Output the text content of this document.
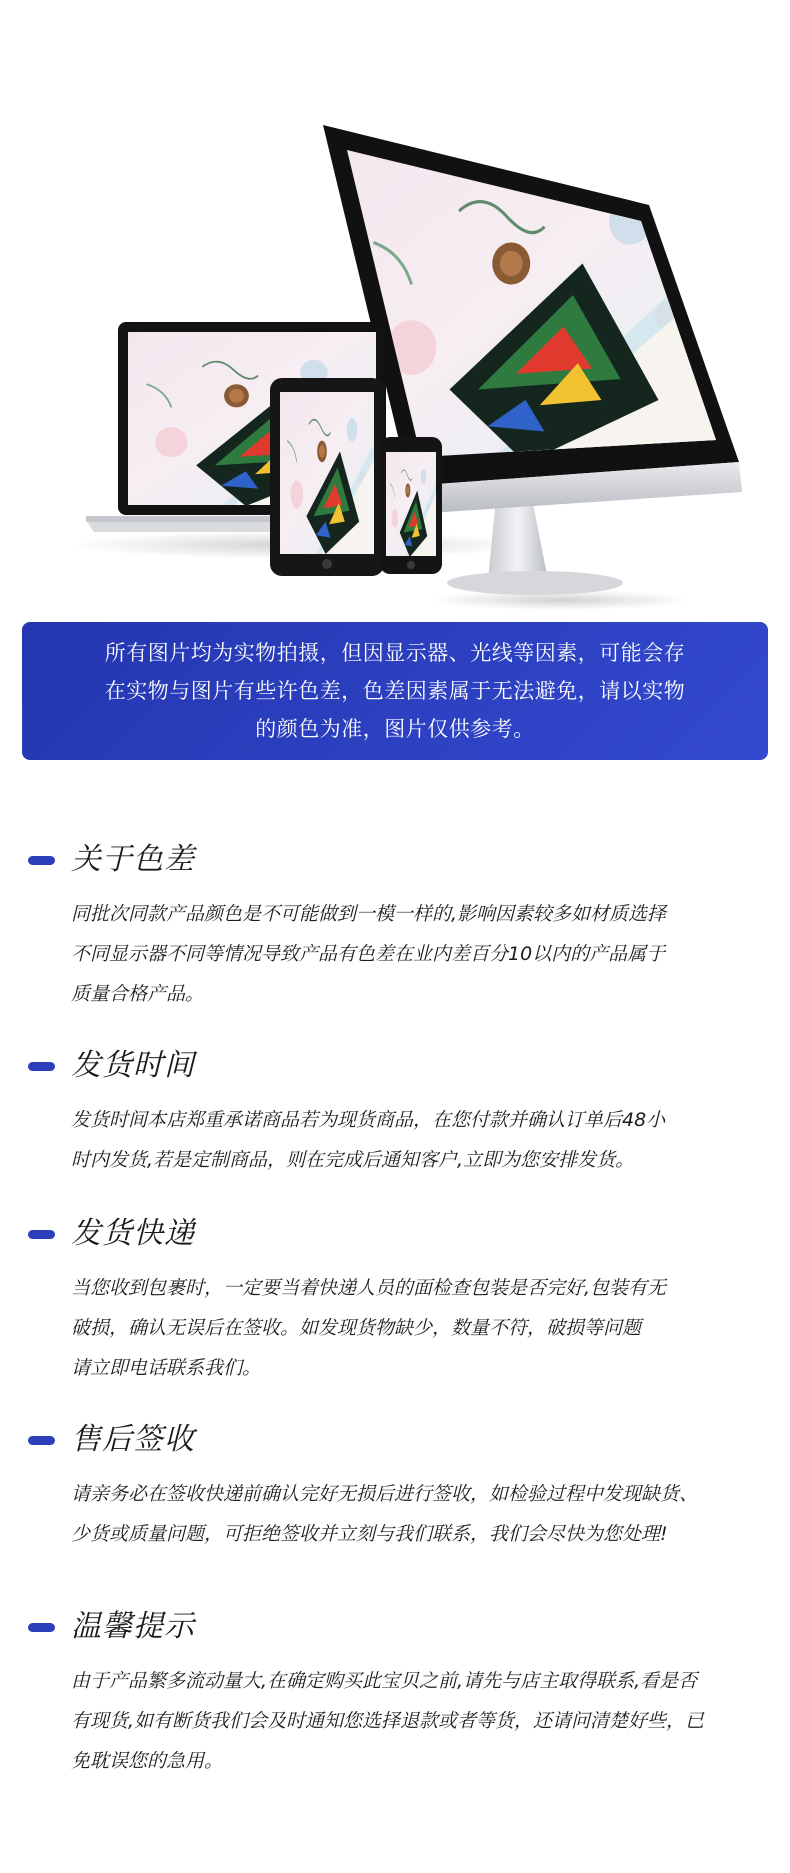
所有图片均为实物拍摄，但因显示器、光线等因素，可能会存
在实物与图片有些许色差，色差因素属于无法避免，请以实物
的颜色为准，图片仅供参考。

关于色差

同批次同款产品颜色是不可能做到一模一样的,影响因素较多如材质选择

不同显示器不同等情况导致产品有色差在业内差百分10以内的产品属于

质量合格产品。

发货时间

发货时间本店郑重承诺商品若为现货商品，在您付款并确认订单后48小

时内发货,若是定制商品，则在完成后通知客户,立即为您安排发货。

发货快递

当您收到包裹时，一定要当着快递人员的面检查包装是否完好,包装有无

破损，确认无误后在签收。如发现货物缺少，数量不符，破损等问题

请立即电话联系我们。

售后签收

请亲务必在签收快递前确认完好无损后进行签收，如检验过程中发现缺货、

少货或质量问题，可拒绝签收并立刻与我们联系，我们会尽快为您处理!

温馨提示

由于产品繁多流动量大,在确定购买此宝贝之前,请先与店主取得联系,看是否

有现货,如有断货我们会及时通知您选择退款或者等货，还请问清楚好些，已

免耽误您的急用。
